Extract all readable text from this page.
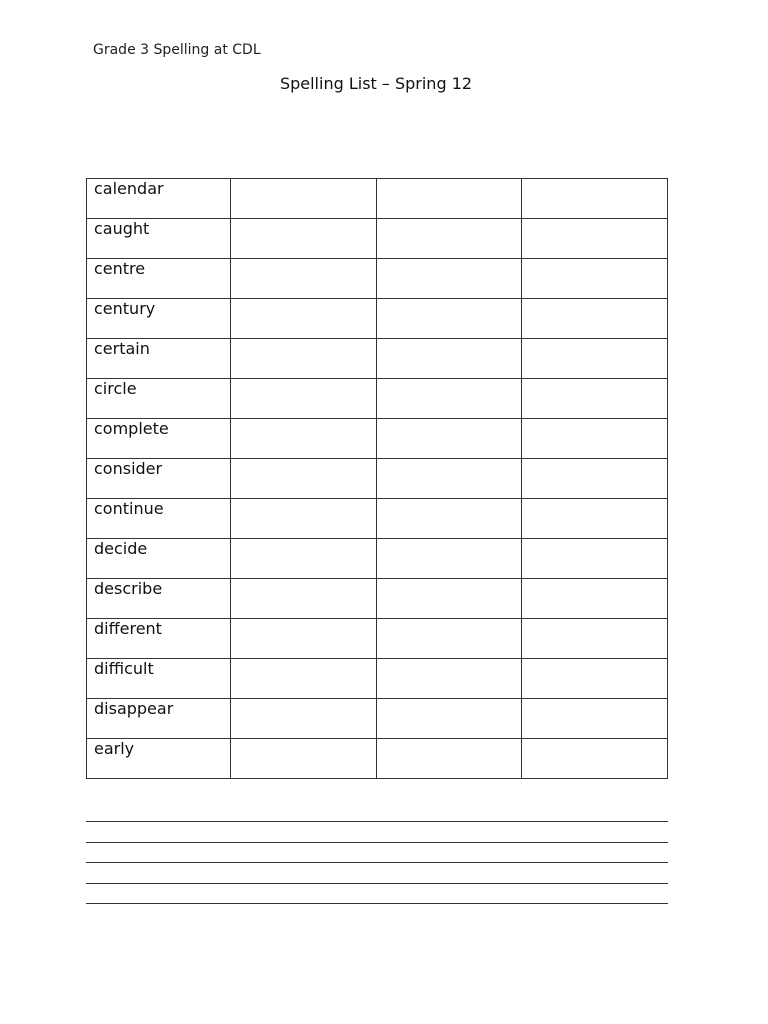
Grade 3 Spelling at CDL
Spelling List – Spring 12
calendar			
caught			
centre			
century			
certain			
circle			
complete			
consider			
continue			
decide			
describe			
different			
difficult			
disappear			
early			
